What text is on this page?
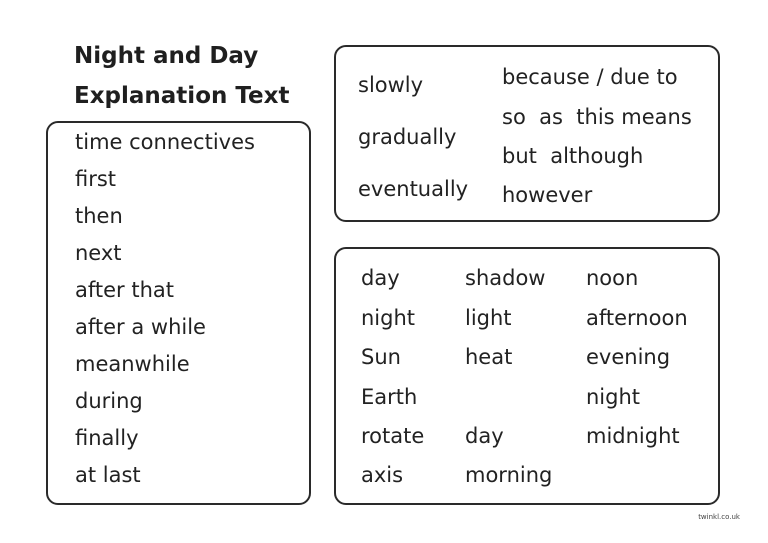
Night and Day
Explanation Text
time connectives
first
then
next
after that
after a while
meanwhile
during
finally
at last
slowly
gradually
eventually
because / due to
so  as  this means
but  although
however
day
night
Sun
Earth
rotate
axis
shadow
light
heat
day
morning
noon
afternoon
evening
night
midnight
twinkl.co.uk
